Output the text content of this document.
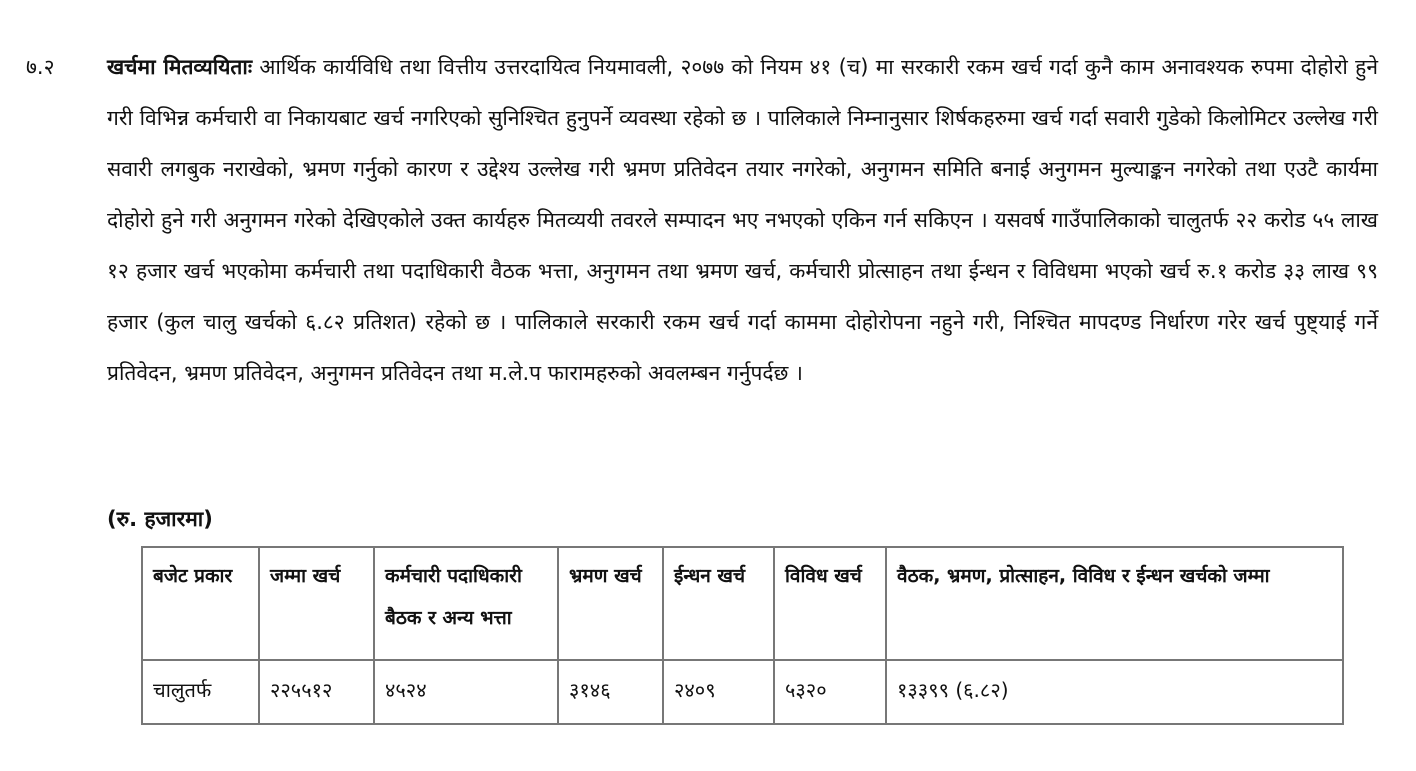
७.२ खर्चमा मितव्ययिताः आर्थिक कार्यविधि तथा वित्तीय उत्तरदायित्व नियमावली, २०७७ को नियम ४१ (च) मा सरकारी रकम खर्च गर्दा कुनै काम अनावश्यक रुपमा दोहोरो हुने गरी विभिन्न कर्मचारी वा निकायबाट खर्च नगरिएको सुनिश्चित हुनुपर्ने व्यवस्था रहेको छ । पालिकाले निम्नानुसार शिर्षकहरुमा खर्च गर्दा सवारी गुडेको किलोमिटर उल्लेख गरी सवारी लगबुक नराखेको, भ्रमण गर्नुको कारण र उद्देश्य उल्लेख गरी भ्रमण प्रतिवेदन तयार नगरेको, अनुगमन समिति बनाई अनुगमन मुल्याङ्कन नगरेको तथा एउटै कार्यमा दोहोरो हुने गरी अनुगमन गरेको देखिएकोले उक्त कार्यहरु मितव्ययी तवरले सम्पादन भए नभएको एकिन गर्न सकिएन । यसवर्ष गाउँपालिकाको चालुतर्फ २२ करोड ५५ लाख १२ हजार खर्च भएकोमा कर्मचारी तथा पदाधिकारी वैठक भत्ता, अनुगमन तथा भ्रमण खर्च, कर्मचारी प्रोत्साहन तथा ईन्धन र विविधमा भएको खर्च रु.१ करोड ३३ लाख ९९ हजार (कुल चालु खर्चको ६.८२ प्रतिशत) रहेको छ । पालिकाले सरकारी रकम खर्च गर्दा काममा दोहोरोपना नहुने गरी, निश्चित मापदण्ड निर्धारण गरेर खर्च पुष्ट्याई गर्ने प्रतिवेदन, भ्रमण प्रतिवेदन, अनुगमन प्रतिवेदन तथा म.ले.प फारामहरुको अवलम्बन गर्नुपर्दछ ।
(रु. हजारमा)
बजेट प्रकार	जम्मा खर्च	कर्मचारी पदाधिकारी बैठक र अन्य भत्ता	भ्रमण खर्च	ईन्धन खर्च	विविध खर्च	वैठक, भ्रमण, प्रोत्साहन, विविध र ईन्धन खर्चको जम्मा
चालुतर्फ	२२५५१२	४५२४	३१४६	२४०९	५३२०	१३३९९ (६.८२)
